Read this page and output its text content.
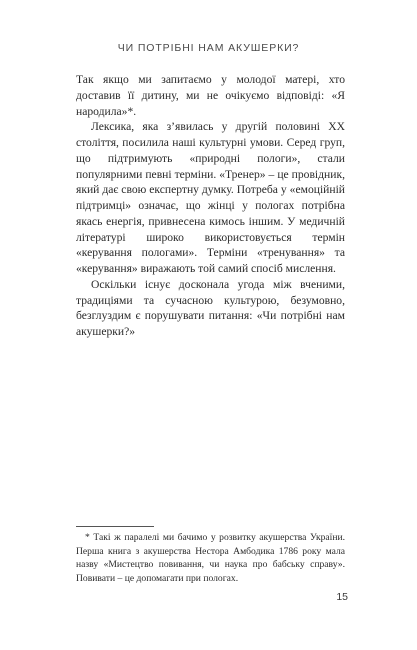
ЧИ ПОТРІБНІ НАМ АКУШЕРКИ?

Так якщо ми запитаємо у молодої матері, хто доставив її дитину, ми не очікуємо відповіді: «Я народила»*.

Лексика, яка з’явилась у другій половині ХХ століття, посилила наші культурні умови. Серед груп, що підтримують «природні пологи», стали популярними певні терміни. «Тренер» – це провідник, який дає свою експертну думку. Потреба у «емоційній підтримці» означає, що жінці у пологах потрібна якась енергія, привнесена кимось іншим. У медичній літературі широко використовується термін «керування пологами». Терміни «тренування» та «керування» виражають той самий спосіб мислення.

Оскільки існує досконала угода між вченими, традиціями та сучасною культурою, безумовно, безглуздим є порушувати питання: «Чи потрібні нам акушерки?»

* Такі ж паралелі ми бачимо у розвитку акушерства України. Перша книга з акушерства Нестора Амбодика 1786 року мала назву «Мистецтво повивання, чи наука про бабську справу». Повивати – це допомагати при пологах.

15
